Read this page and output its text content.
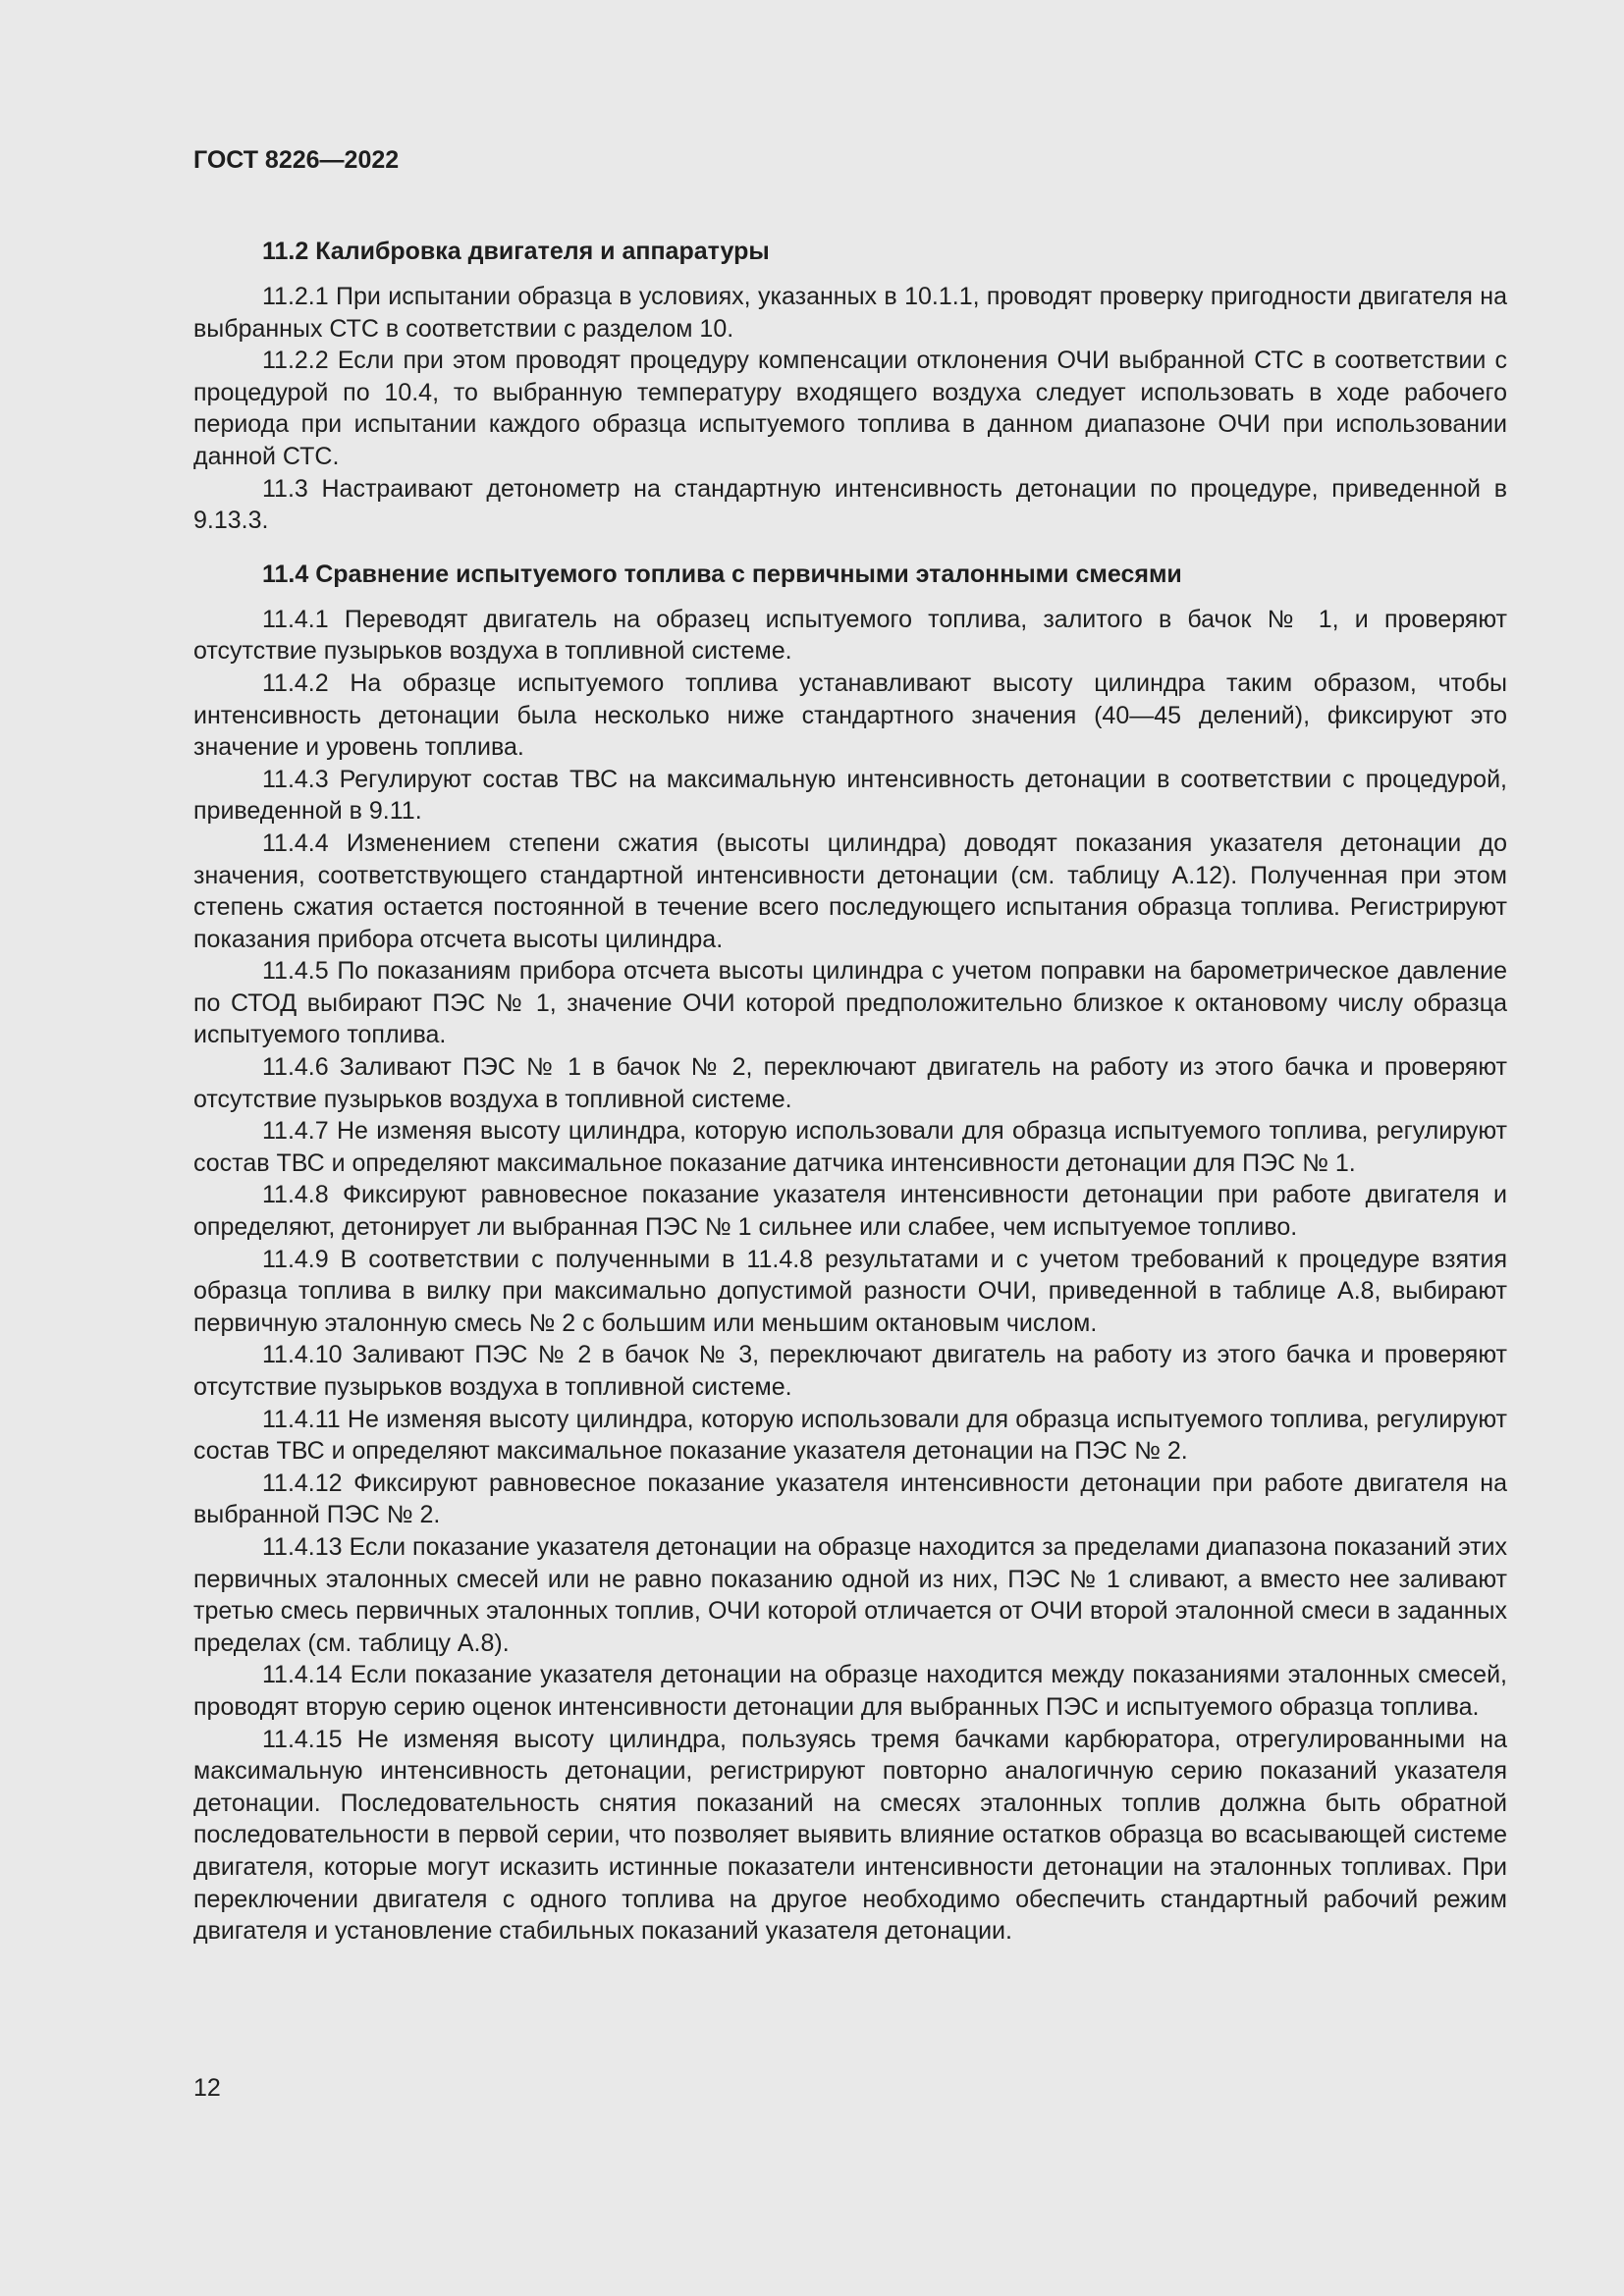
ГОСТ 8226—2022
11.2 Калибровка двигателя и аппаратуры

11.2.1 При испытании образца в условиях, указанных в 10.1.1, проводят проверку пригодности двигателя на выбранных СТС в соответствии с разделом 10.

11.2.2 Если при этом проводят процедуру компенсации отклонения ОЧИ выбранной СТС в соответствии с процедурой по 10.4, то выбранную температуру входящего воздуха следует использовать в ходе рабочего периода при испытании каждого образца испытуемого топлива в данном диапазоне ОЧИ при использовании данной СТС.

11.3 Настраивают детонометр на стандартную интенсивность детонации по процедуре, приведенной в 9.13.3.

11.4 Сравнение испытуемого топлива с первичными эталонными смесями

11.4.1 Переводят двигатель на образец испытуемого топлива, залитого в бачок № 1, и проверяют отсутствие пузырьков воздуха в топливной системе.

11.4.2 На образце испытуемого топлива устанавливают высоту цилиндра таким образом, чтобы интенсивность детонации была несколько ниже стандартного значения (40—45 делений), фиксируют это значение и уровень топлива.

11.4.3 Регулируют состав ТВС на максимальную интенсивность детонации в соответствии с процедурой, приведенной в 9.11.

11.4.4 Изменением степени сжатия (высоты цилиндра) доводят показания указателя детонации до значения, соответствующего стандартной интенсивности детонации (см. таблицу А.12). Полученная при этом степень сжатия остается постоянной в течение всего последующего испытания образца топлива. Регистрируют показания прибора отсчета высоты цилиндра.

11.4.5 По показаниям прибора отсчета высоты цилиндра с учетом поправки на барометрическое давление по СТОД выбирают ПЭС № 1, значение ОЧИ которой предположительно близкое к октановому числу образца испытуемого топлива.

11.4.6 Заливают ПЭС № 1 в бачок № 2, переключают двигатель на работу из этого бачка и проверяют отсутствие пузырьков воздуха в топливной системе.

11.4.7 Не изменяя высоту цилиндра, которую использовали для образца испытуемого топлива, регулируют состав ТВС и определяют максимальное показание датчика интенсивности детонации для ПЭС № 1.

11.4.8 Фиксируют равновесное показание указателя интенсивности детонации при работе двигателя и определяют, детонирует ли выбранная ПЭС № 1 сильнее или слабее, чем испытуемое топливо.

11.4.9 В соответствии с полученными в 11.4.8 результатами и с учетом требований к процедуре взятия образца топлива в вилку при максимально допустимой разности ОЧИ, приведенной в таблице А.8, выбирают первичную эталонную смесь № 2 с большим или меньшим октановым числом.

11.4.10 Заливают ПЭС № 2 в бачок № 3, переключают двигатель на работу из этого бачка и проверяют отсутствие пузырьков воздуха в топливной системе.

11.4.11 Не изменяя высоту цилиндра, которую использовали для образца испытуемого топлива, регулируют состав ТВС и определяют максимальное показание указателя детонации на ПЭС № 2.

11.4.12 Фиксируют равновесное показание указателя интенсивности детонации при работе двигателя на выбранной ПЭС № 2.

11.4.13 Если показание указателя детонации на образце находится за пределами диапазона показаний этих первичных эталонных смесей или не равно показанию одной из них, ПЭС № 1 сливают, а вместо нее заливают третью смесь первичных эталонных топлив, ОЧИ которой отличается от ОЧИ второй эталонной смеси в заданных пределах (см. таблицу А.8).

11.4.14 Если показание указателя детонации на образце находится между показаниями эталонных смесей, проводят вторую серию оценок интенсивности детонации для выбранных ПЭС и испытуемого образца топлива.

11.4.15 Не изменяя высоту цилиндра, пользуясь тремя бачками карбюратора, отрегулированными на максимальную интенсивность детонации, регистрируют повторно аналогичную серию показаний указателя детонации. Последовательность снятия показаний на смесях эталонных топлив должна быть обратной последовательности в первой серии, что позволяет выявить влияние остатков образца во всасывающей системе двигателя, которые могут исказить истинные показатели интенсивности детонации на эталонных топливах. При переключении двигателя с одного топлива на другое необходимо обеспечить стандартный рабочий режим двигателя и установление стабильных показаний указателя детонации.

12
